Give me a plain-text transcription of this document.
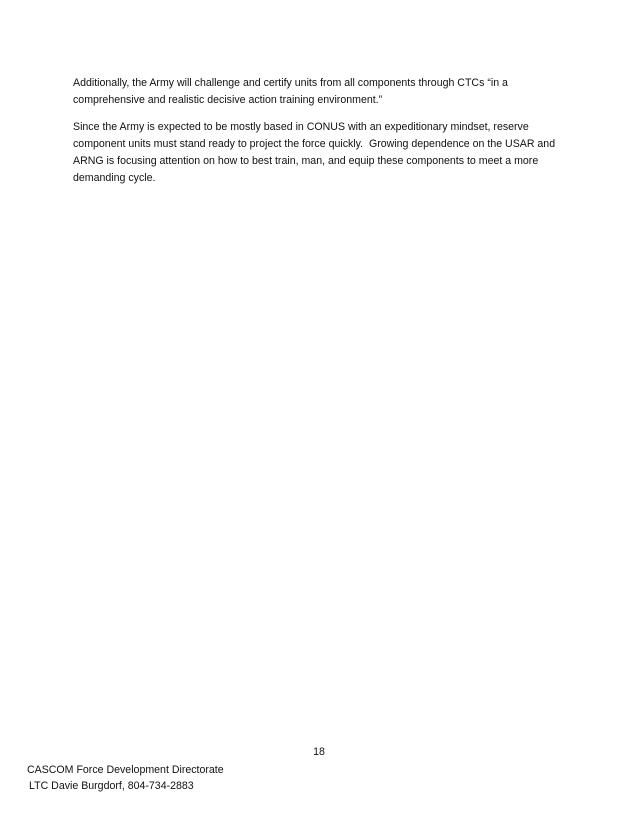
Additionally, the Army will challenge and certify units from all components through CTCs “in a comprehensive and realistic decisive action training environment.”

Since the Army is expected to be mostly based in CONUS with an expeditionary mindset, reserve component units must stand ready to project the force quickly.  Growing dependence on the USAR and ARNG is focusing attention on how to best train, man, and equip these components to meet a more demanding cycle.

18
CASCOM Force Development Directorate
LTC Davie Burgdorf, 804-734-2883
